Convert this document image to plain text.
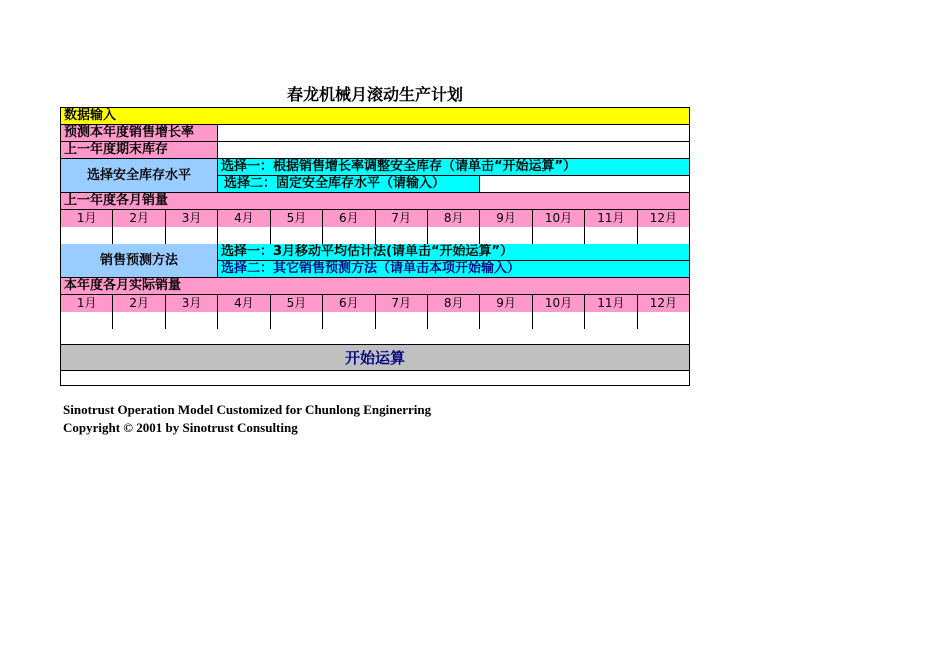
春龙机械月滚动生产计划
数据输入
预测本年度销售增长率
上一年度期末库存
选择安全库存水平
选择一：根据销售增长率调整安全库存（请单击“开始运算”）
选择二：固定安全库存水平（请输入）
上一年度各月销量
1月	2月	3月	4月	5月	6月	7月	8月	9月	10月	11月	12月
销售预测方法
选择一：3月移动平均估计法(请单击“开始运算”）
选择二：其它销售预测方法（请单击本项开始输入）
本年度各月实际销量
1月	2月	3月	4月	5月	6月	7月	8月	9月	10月	11月	12月
开始运算
Sinotrust Operation Model Customized for Chunlong Enginerring
Copyright © 2001 by Sinotrust Consulting
